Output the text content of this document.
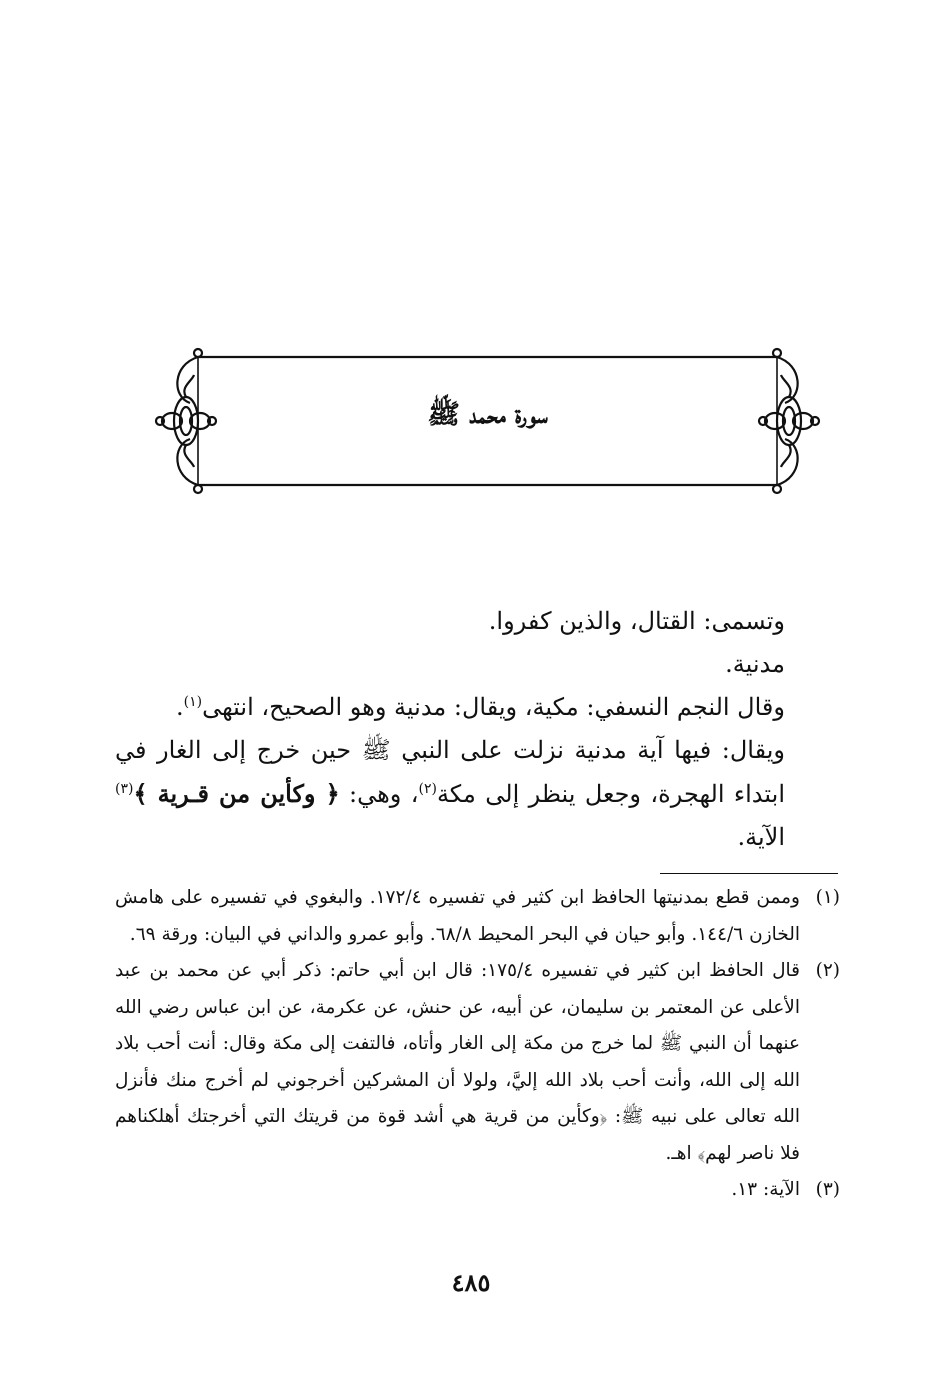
سورة محمد ﷺ

وتسمى: القتال، والذين كفروا.

مدنية.

وقال النجم النسفي: مكية، ويقال: مدنية وهو الصحيح، انتهى$^{(١)}$.

ويقال: فيها آية مدنية نزلت على النبي ﷺ حين خرج إلى الغار في ابتداء الهجرة، وجعل ينظر إلى مكة$^{(٢)}$، وهي: ﴿ وكأين من قـرية ﴾$^{(٣)}$ الآية.

(١)وممن قطع بمدنيتها الحافظ ابن كثير في تفسيره ١٧٢/٤. والبغوي في تفسيره على هامش الخازن ١٤٤/٦. وأبو حيان في البحر المحيط ٦٨/٨. وأبو عمرو والداني في البيان: ورقة ٦٩.

(٢)قال الحافظ ابن كثير في تفسيره ١٧٥/٤: قال ابن أبي حاتم: ذكر أبي عن محمد بن عبد الأعلى عن المعتمر بن سليمان، عن أبيه، عن حنش، عن عكرمة، عن ابن عباس رضي الله عنهما أن النبي ﷺ لما خرج من مكة إلى الغار وأتاه، فالتفت إلى مكة وقال: أنت أحب بلاد الله إلى الله، وأنت أحب بلاد الله إليَّ، ولولا أن المشركين أخرجوني لم أخرج منك فأنزل الله تعالى على نبيه ﷺ: ﴿وكأين من قرية هي أشد قوة من قريتك التي أخرجتك أهلكناهم فلا ناصر لهم﴾ اهـ.

(٣)الآية: ١٣.

٤٨٥
